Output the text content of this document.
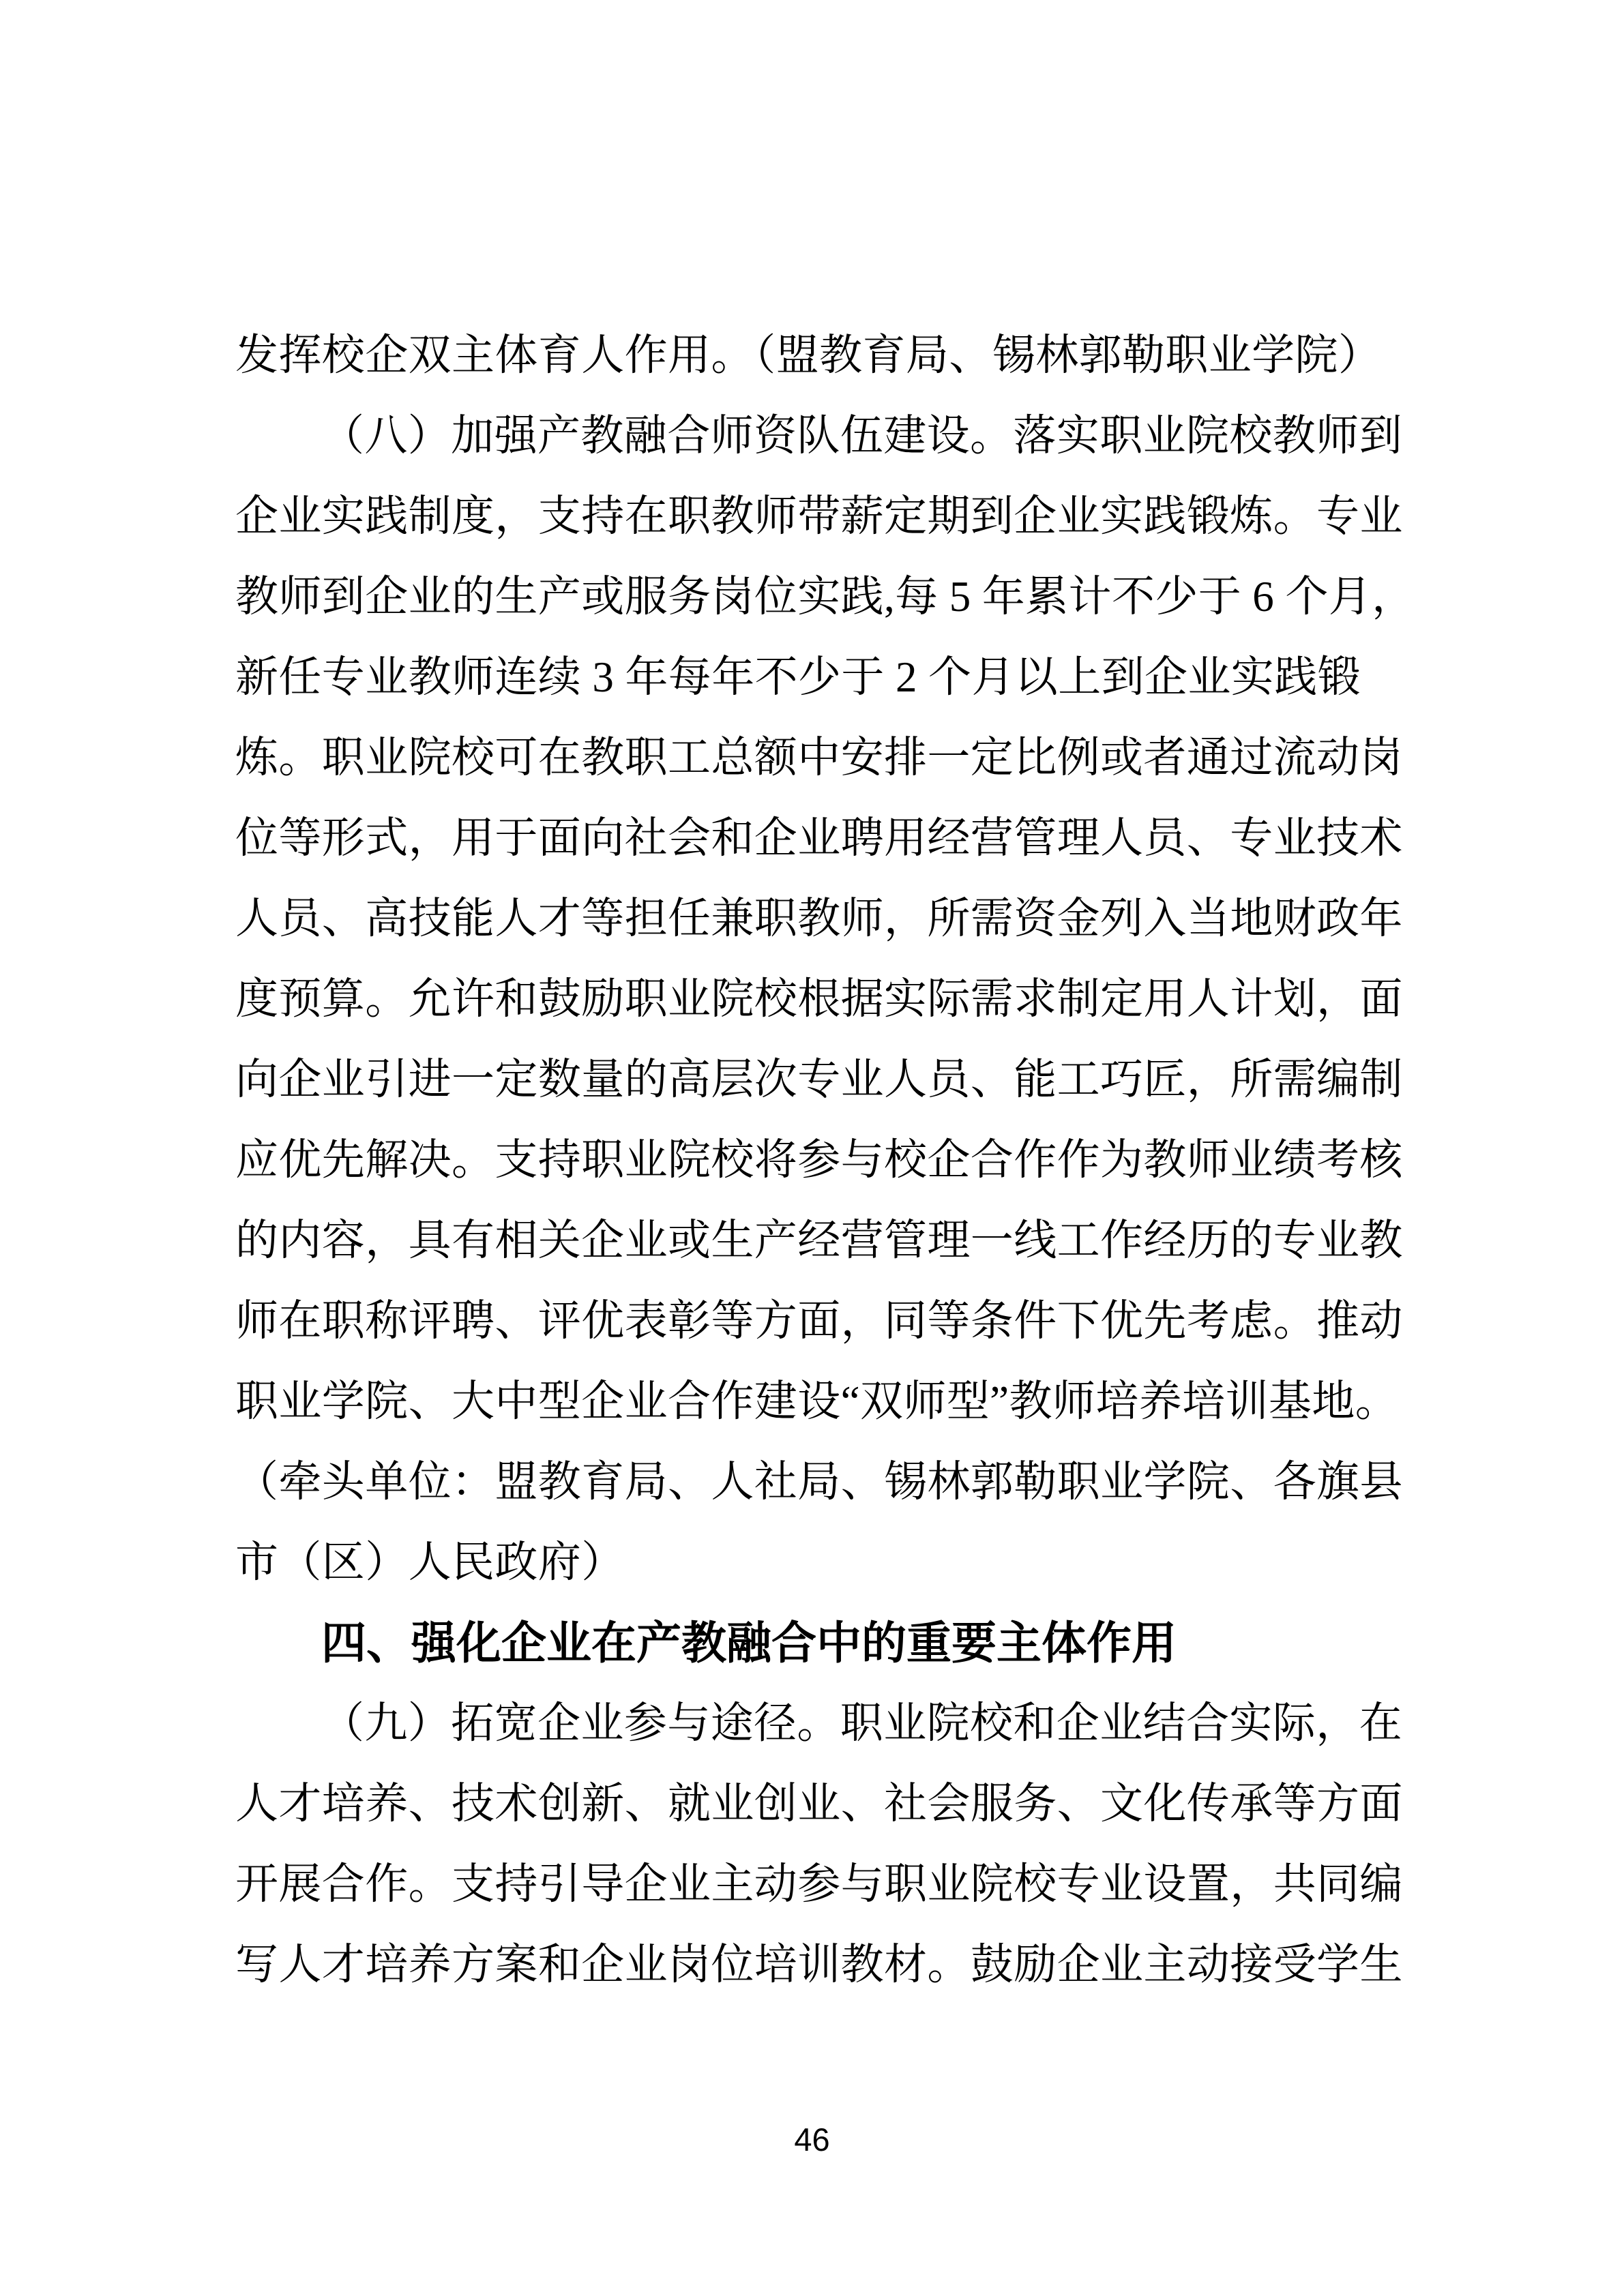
发挥校企双主体育人作用。（盟教育局、锡林郭勒职业学院）
（八）加强产教融合师资队伍建设。落实职业院校教师到
企业实践制度，支持在职教师带薪定期到企业实践锻炼。专业
教师到企业的生产或服务岗位实践,每 5 年累计不少于 6 个月，
新任专业教师连续 3 年每年不少于 2 个月以上到企业实践锻
炼。职业院校可在教职工总额中安排一定比例或者通过流动岗
位等形式，用于面向社会和企业聘用经营管理人员、专业技术
人员、高技能人才等担任兼职教师，所需资金列入当地财政年
度预算。允许和鼓励职业院校根据实际需求制定用人计划，面
向企业引进一定数量的高层次专业人员、能工巧匠，所需编制
应优先解决。支持职业院校将参与校企合作作为教师业绩考核
的内容，具有相关企业或生产经营管理一线工作经历的专业教
师在职称评聘、评优表彰等方面，同等条件下优先考虑。推动
职业学院、大中型企业合作建设“双师型”教师培养培训基地。
（牵头单位：盟教育局、人社局、锡林郭勒职业学院、各旗县
市（区）人民政府）
四、强化企业在产教融合中的重要主体作用
（九）拓宽企业参与途径。职业院校和企业结合实际，在
人才培养、技术创新、就业创业、社会服务、文化传承等方面
开展合作。支持引导企业主动参与职业院校专业设置，共同编
写人才培养方案和企业岗位培训教材。鼓励企业主动接受学生
46
